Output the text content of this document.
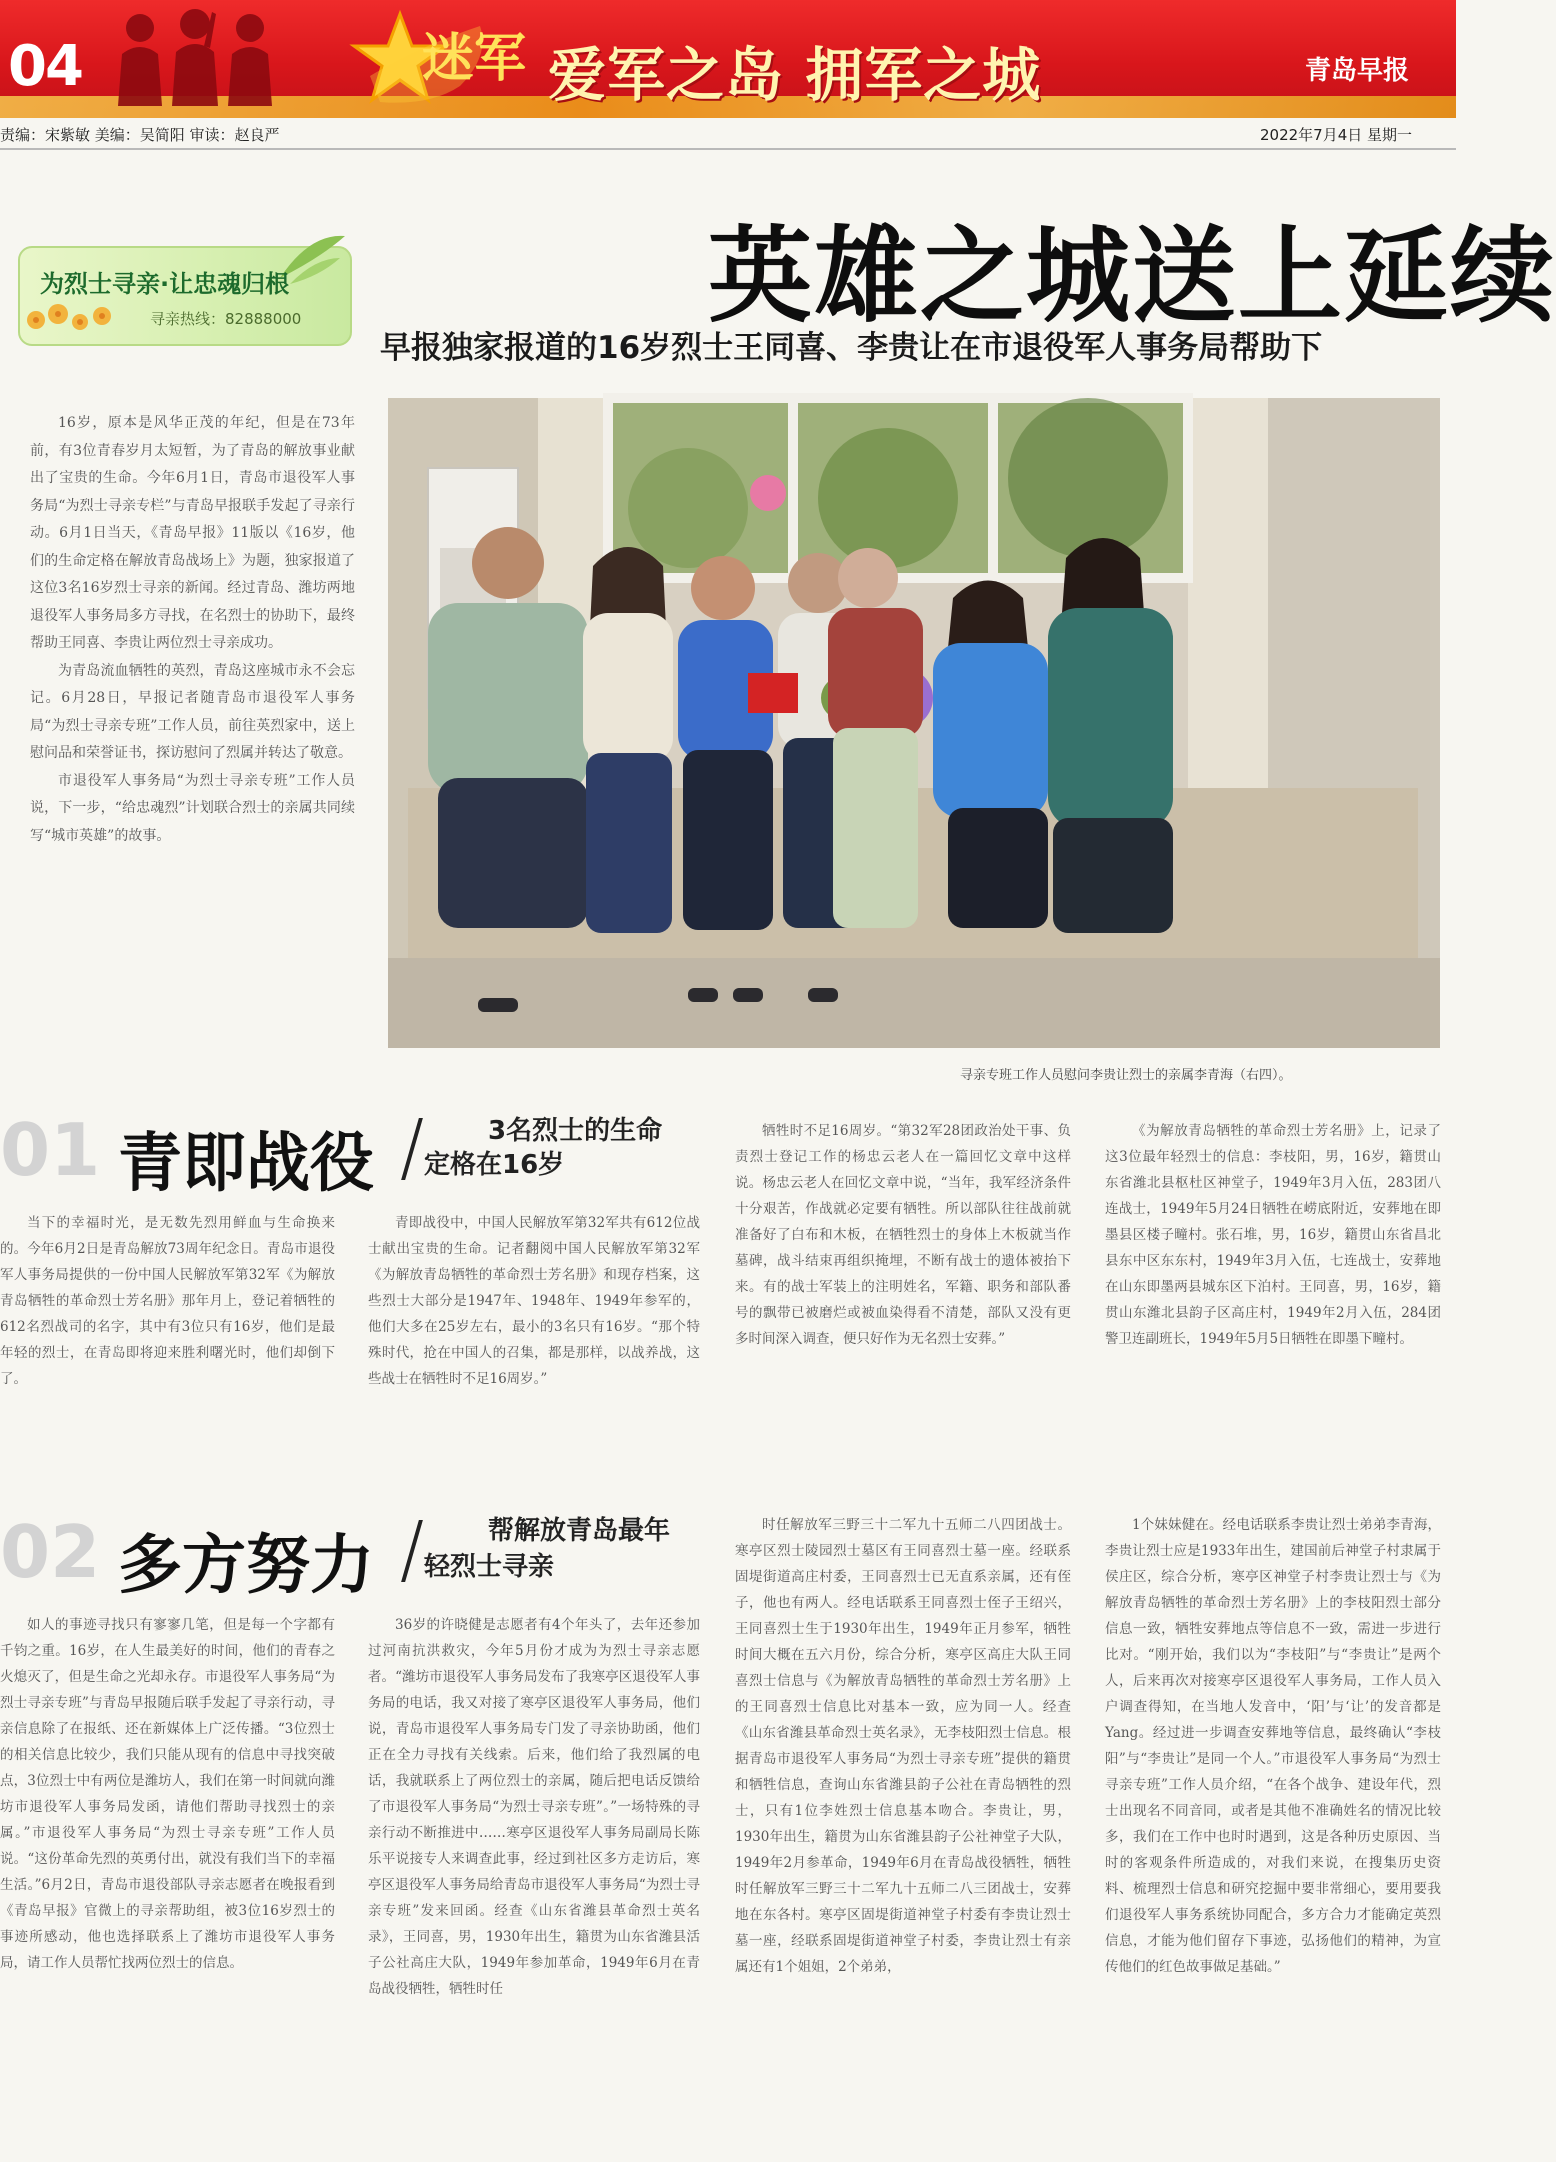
04	迷军 爱军之岛 拥军之城	青岛早报
责编：宋紫敏 美编：吴简阳 审读：赵良严	2022年7月4日 星期一
为烈士寻亲·让忠魂归根
寻亲热线：82888000	英雄之城送上延续
早报独家报道的16岁烈士王同喜、李贵让在市退役军人事务局帮助下

16岁，原本是风华正茂的年纪，但是在73年前，有3位青春岁月太短暂，为了青岛的解放事业献出了宝贵的生命。今年6月1日，青岛市退役军人事务局“为烈士寻亲专栏”与青岛早报联手发起了寻亲行动。6月1日当天，《青岛早报》11版以《16岁，他们的生命定格在解放青岛战场上》为题，独家报道了这位3名16岁烈士寻亲的新闻。经过青岛、潍坊两地退役军人事务局多方寻找，在名烈士的协助下，最终帮助王同喜、李贵让两位烈士寻亲成功。

为青岛流血牺牲的英烈，青岛这座城市永不会忘记。6月28日，早报记者随青岛市退役军人事务局“为烈士寻亲专班”工作人员，前往英烈家中，送上慰问品和荣誉证书，探访慰问了烈属并转达了敬意。

市退役军人事务局“为烈士寻亲专班”工作人员说，下一步，“给忠魂烈”计划联合烈士的亲属共同续写“城市英雄”的故事。

寻亲专班工作人员慰问李贵让烈士的亲属李青海（右四）。
01 青即战役	3名烈士的生命
定格在16岁

当下的幸福时光，是无数先烈用鲜血与生命换来的。今年6月2日是青岛解放73周年纪念日。青岛市退役军人事务局提供的一份中国人民解放军第32军《为解放青岛牺牲的革命烈士芳名册》那年月上，登记着牺牲的612名烈战司的名字，其中有3位只有16岁，他们是最年轻的烈士，在青岛即将迎来胜利曙光时，他们却倒下了。

青即战役中，中国人民解放军第32军共有612位战士献出宝贵的生命。记者翻阅中国人民解放军第32军《为解放青岛牺牲的革命烈士芳名册》和现存档案，这些烈士大部分是1947年、1948年、1949年参军的，他们大多在25岁左右，最小的3名只有16岁。“那个特殊时代，抢在中国人的召集，都是那样，以战养战，这些战士在牺牲时不足16周岁。”

牺牲时不足16周岁。“第32军28团政治处干事、负责烈士登记工作的杨忠云老人在一篇回忆文章中这样说。杨忠云老人在回忆文章中说，“当年，我军经济条件十分艰苦，作战就必定要有牺牲。所以部队往往战前就准备好了白布和木板，在牺牲烈士的身体上木板就当作墓碑，战斗结束再组织掩埋，不断有战士的遗体被抬下来。有的战士军装上的注明姓名，军籍、职务和部队番号的飘带已被磨烂或被血染得看不清楚，部队又没有更多时间深入调查，便只好作为无名烈士安葬。”

《为解放青岛牺牲的革命烈士芳名册》上，记录了这3位最年轻烈士的信息：李枝阳，男，16岁，籍贯山东省潍北县枢杜区神堂子，1949年3月入伍，283团八连战士，1949年5月24日牺牲在崂底附近，安葬地在即墨县区楼子疃村。张石堆，男，16岁，籍贯山东省昌北县东中区东东村，1949年3月入伍，七连战士，安葬地在山东即墨两县城东区下泊村。王同喜，男，16岁，籍贯山东潍北县韵子区高庄村，1949年2月入伍，284团警卫连副班长，1949年5月5日牺牲在即墨下疃村。

02 多方努力	帮解放青岛最年
轻烈士寻亲

如人的事迹寻找只有寥寥几笔，但是每一个字都有千钧之重。16岁，在人生最美好的时间，他们的青春之火熄灭了，但是生命之光却永存。市退役军人事务局“为烈士寻亲专班”与青岛早报随后联手发起了寻亲行动，寻亲信息除了在报纸、还在新媒体上广泛传播。“3位烈士的相关信息比较少，我们只能从现有的信息中寻找突破点，3位烈士中有两位是潍坊人，我们在第一时间就向潍坊市退役军人事务局发函，请他们帮助寻找烈士的亲属。”市退役军人事务局“为烈士寻亲专班”工作人员说。“这份革命先烈的英勇付出，就没有我们当下的幸福生活。”6月2日，青岛市退役部队寻亲志愿者在晚报看到《青岛早报》官微上的寻亲帮助组，被3位16岁烈士的事迹所感动，他也选择联系上了潍坊市退役军人事务局，请工作人员帮忙找两位烈士的信息。

36岁的许晓健是志愿者有4个年头了，去年还参加过河南抗洪救灾，今年5月份才成为为烈士寻亲志愿者。“潍坊市退役军人事务局发布了我寒亭区退役军人事务局的电话，我又对接了寒亭区退役军人事务局，他们说，青岛市退役军人事务局专门发了寻亲协助函，他们正在全力寻找有关线索。后来，他们给了我烈属的电话，我就联系上了两位烈士的亲属，随后把电话反馈给了市退役军人事务局“为烈士寻亲专班”。”一场特殊的寻亲行动不断推进中……寒亭区退役军人事务局副局长陈乐平说接专人来调查此事，经过到社区多方走访后，寒亭区退役军人事务局给青岛市退役军人事务局“为烈士寻亲专班”发来回函。经查《山东省潍县革命烈士英名录》，王同喜，男，1930年出生，籍贯为山东省潍县活子公社高庄大队，1949年参加革命，1949年6月在青岛战役牺牲，牺牲时任

时任解放军三野三十二军九十五师二八四团战士。寒亭区烈士陵园烈士墓区有王同喜烈士墓一座。经联系固堤街道高庄村委，王同喜烈士已无直系亲属，还有侄子，他也有两人。经电话联系王同喜烈士侄子王绍兴，王同喜烈士生于1930年出生，1949年正月参军，牺牲时间大概在五六月份，综合分析，寒亭区高庄大队王同喜烈士信息与《为解放青岛牺牲的革命烈士芳名册》上的王同喜烈士信息比对基本一致，应为同一人。经查《山东省潍县革命烈士英名录》，无李枝阳烈士信息。根据青岛市退役军人事务局“为烈士寻亲专班”提供的籍贯和牺牲信息，查询山东省潍县韵子公社在青岛牺牲的烈士，只有1位李姓烈士信息基本吻合。李贵让，男，1930年出生，籍贯为山东省潍县韵子公社神堂子大队，1949年2月参革命，1949年6月在青岛战役牺牲，牺牲时任解放军三野三十二军九十五师二八三团战士，安葬地在东各村。寒亭区固堤街道神堂子村委有李贵让烈士墓一座，经联系固堤街道神堂子村委，李贵让烈士有亲属还有1个姐姐，2个弟弟，

1个妹妹健在。经电话联系李贵让烈士弟弟李青海，李贵让烈士应是1933年出生，建国前后神堂子村隶属于侯庄区，综合分析，寒亭区神堂子村李贵让烈士与《为解放青岛牺牲的革命烈士芳名册》上的李枝阳烈士部分信息一致，牺牲安葬地点等信息不一致，需进一步进行比对。“刚开始，我们以为“李枝阳”与“李贵让”是两个人，后来再次对接寒亭区退役军人事务局，工作人员入户调查得知，在当地人发音中，‘阳’与‘让’的发音都是Yang。经过进一步调查安葬地等信息，最终确认“李枝阳”与“李贵让”是同一个人。”市退役军人事务局“为烈士寻亲专班”工作人员介绍，“在各个战争、建设年代，烈士出现名不同音同，或者是其他不准确姓名的情况比较多，我们在工作中也时时遇到，这是各种历史原因、当时的客观条件所造成的，对我们来说，在搜集历史资料、梳理烈士信息和研究挖掘中要非常细心，要用要我们退役军人事务系统协同配合，多方合力才能确定英烈信息，才能为他们留存下事迹，弘扬他们的精神，为宣传他们的红色故事做足基础。”
